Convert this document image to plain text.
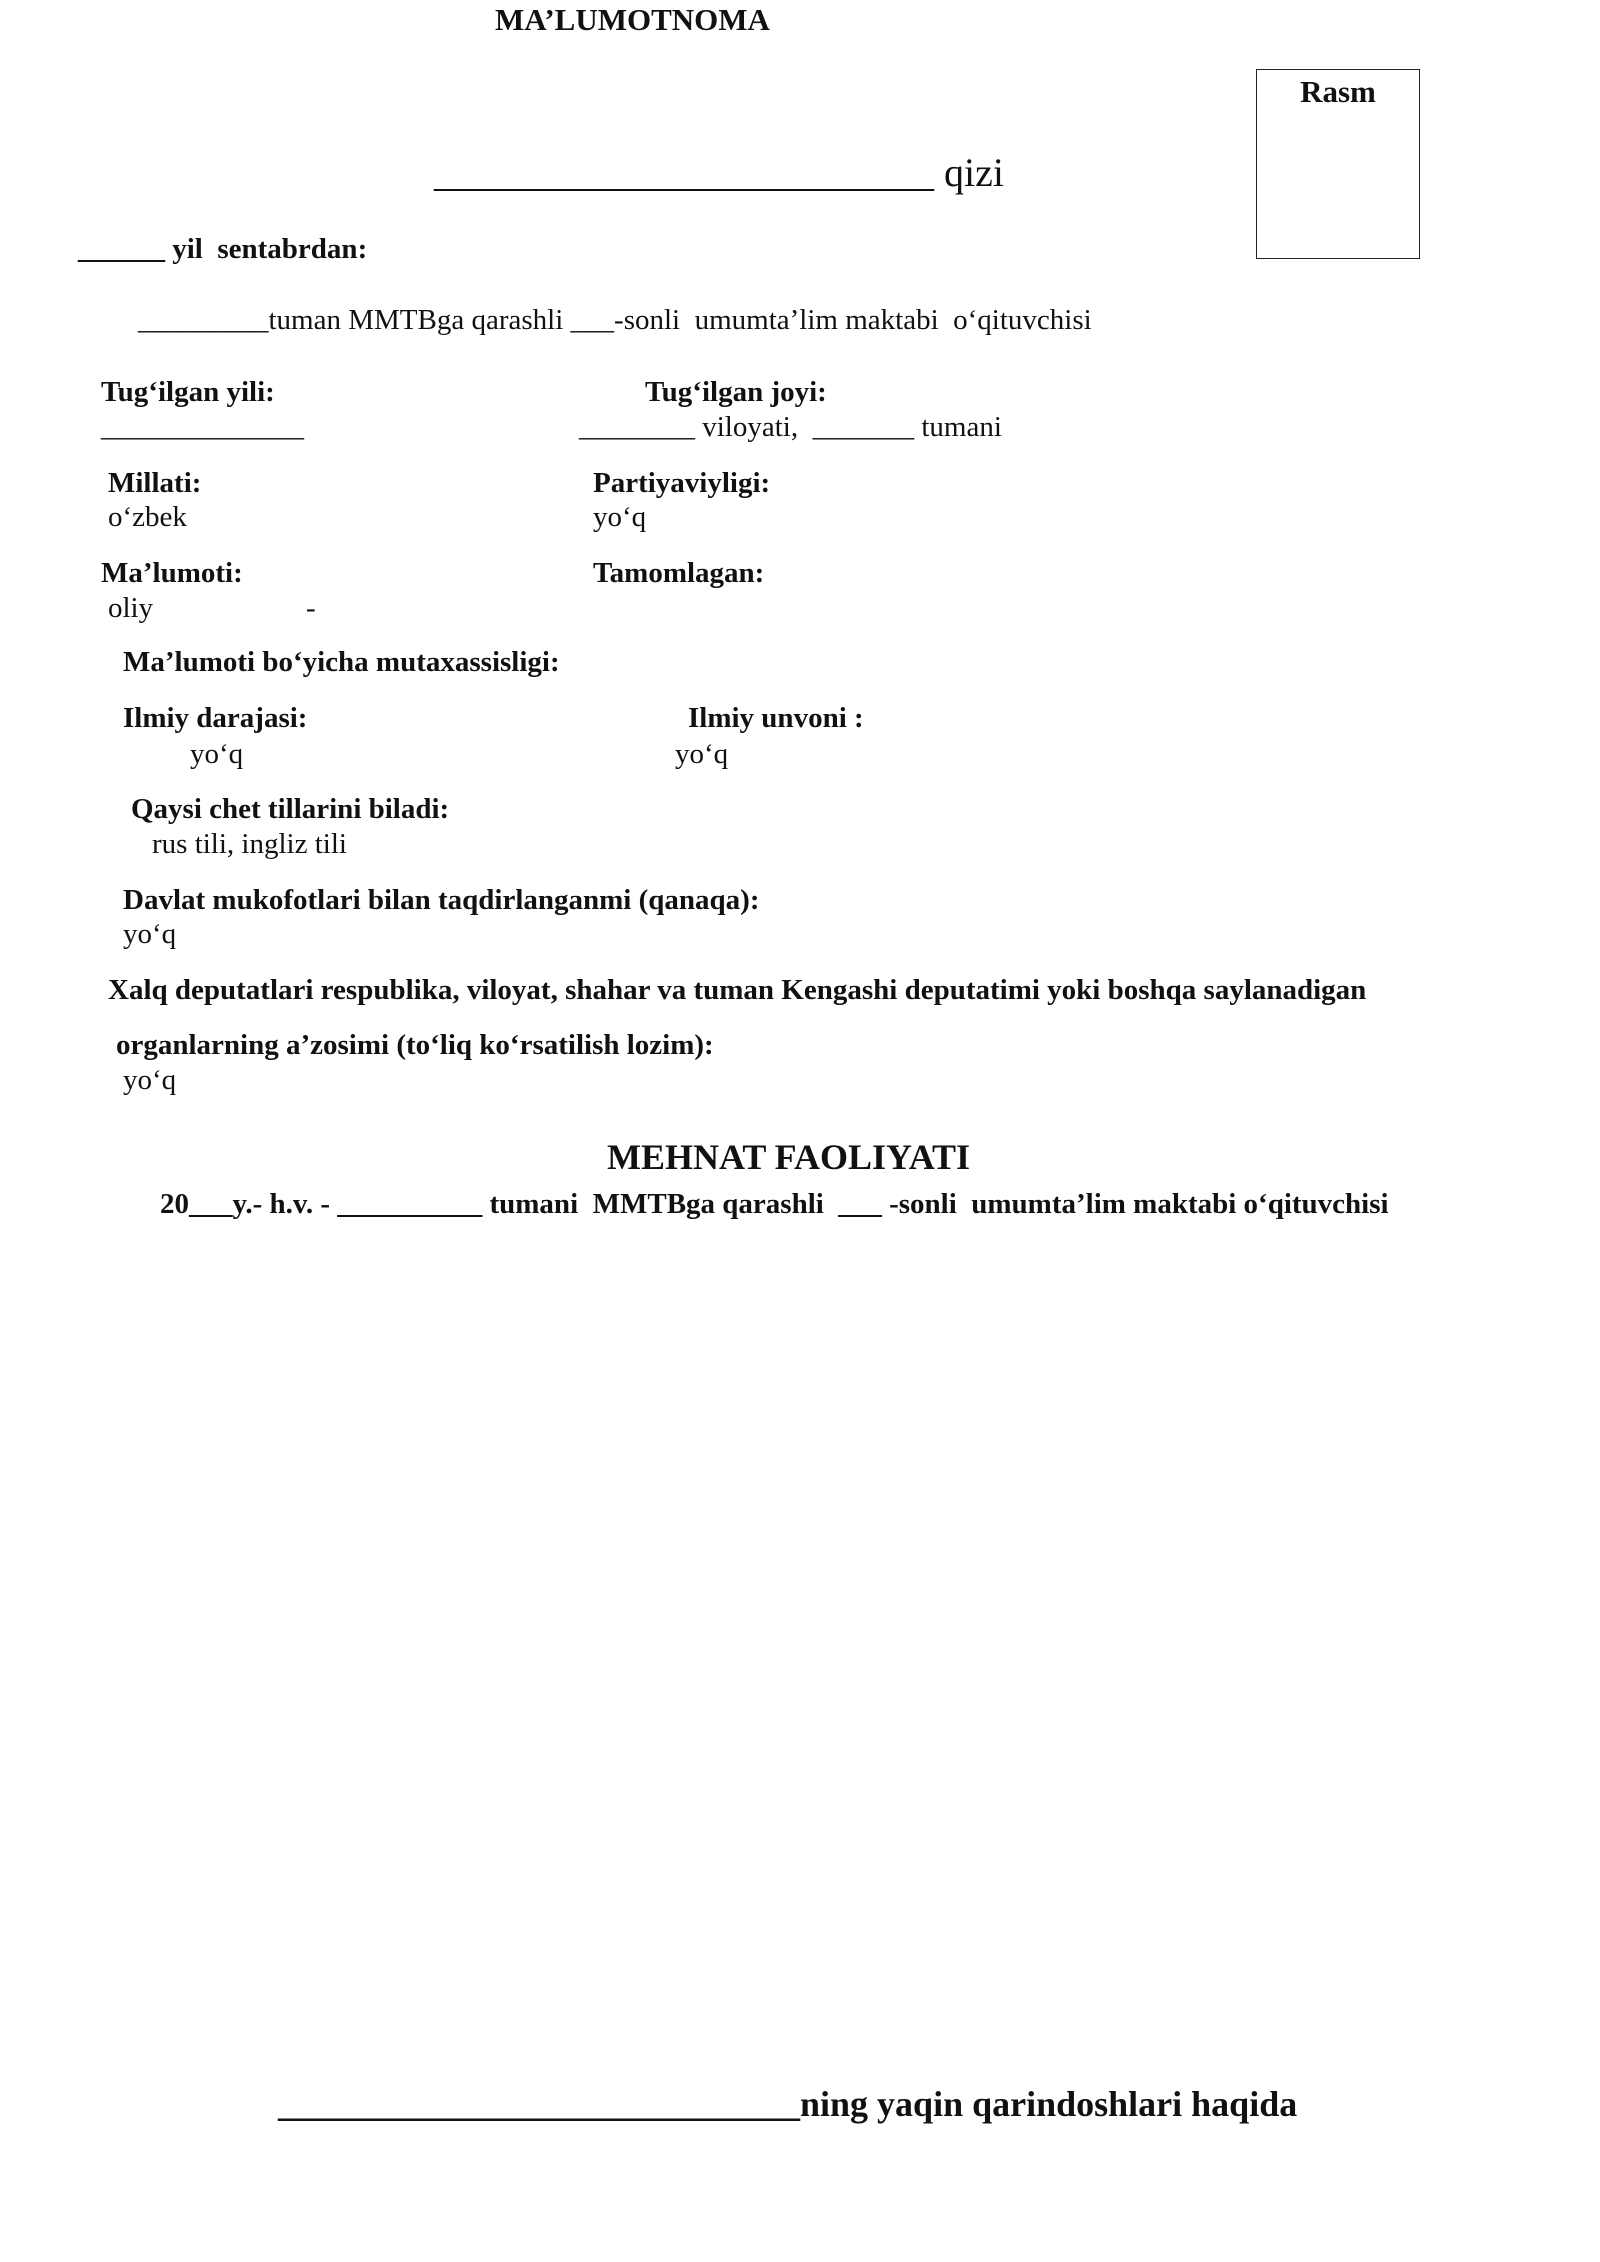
MA’LUMOTNOMA
Rasm
_________________________ qizi
______ yil  sentabrdan:
_________tuman MMTBga qarashli ___-sonli  umumta’lim maktabi  o‘qituvchisi
Tug‘ilgan yili:
______________
Tug‘ilgan joyi:
________ viloyati,  _______ tumani
Millati:
o‘zbek
Partiyaviyligi:
yo‘q
Ma’lumoti:
oliy	-
Tamomlagan:
Ma’lumoti bo‘yicha mutaxassisligi:
Ilmiy darajasi:
yo‘q
Ilmiy unvoni :
yo‘q
Qaysi chet tillarini biladi:
rus tili, ingliz tili
Davlat mukofotlari bilan taqdirlanganmi (qanaqa):
yo‘q
Xalq deputatlari respublika, viloyat, shahar va tuman Kengashi deputatimi yoki boshqa saylanadigan
organlarning a’zosimi (to‘liq ko‘rsatilish lozim):
yo‘q
MEHNAT FAOLIYATI
20___y.- h.v. - __________ tumani  MMTBga qarashli  ___ -sonli  umumta’lim maktabi o‘qituvchisi
_____________________________ning yaqin qarindoshlari haqida
